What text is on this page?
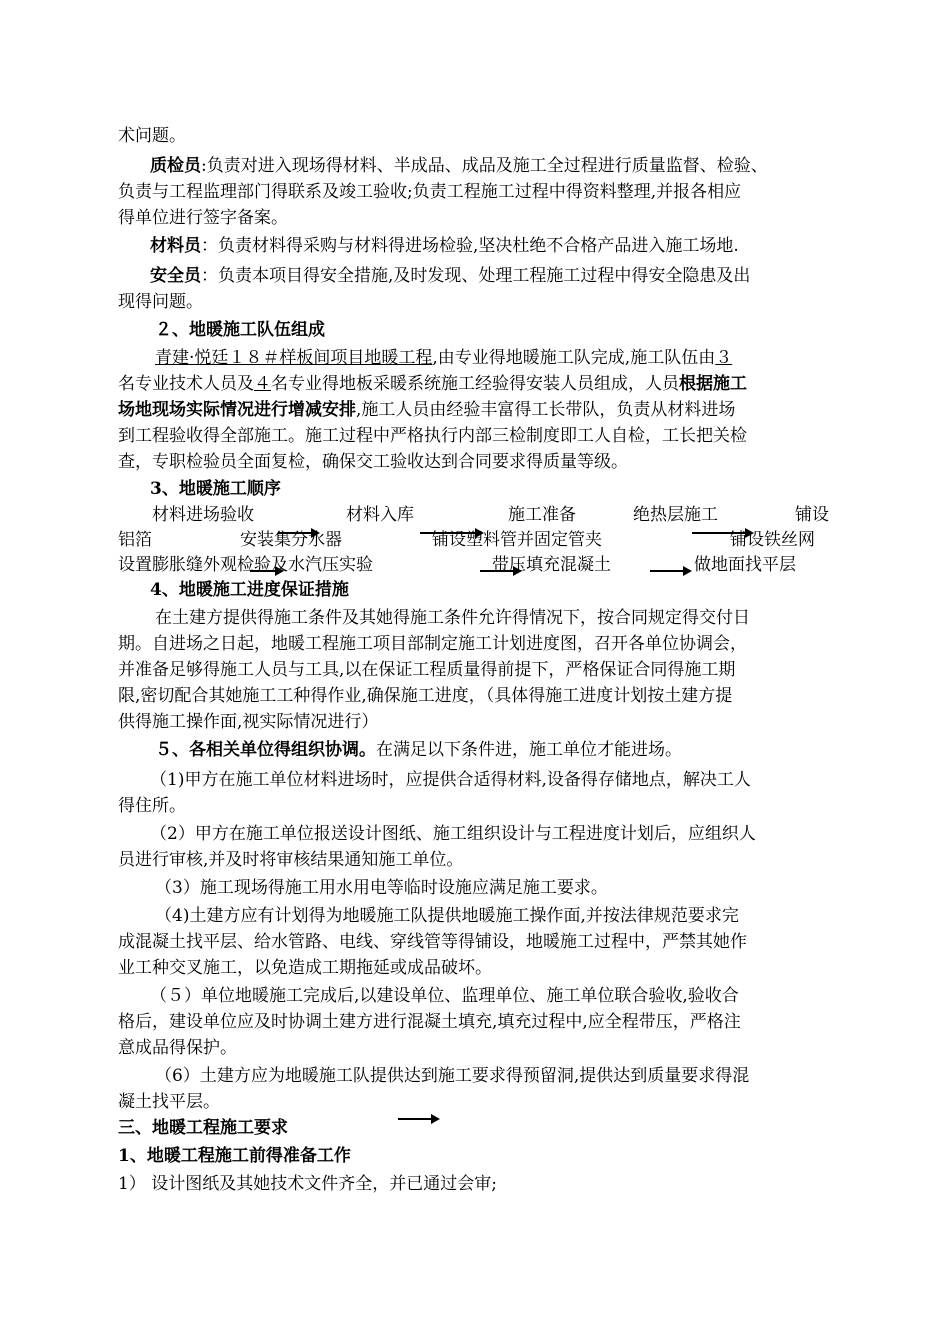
术问题。
质检员:负责对进入现场得材料、半成品、成品及施工全过程进行质量监督、检验、
负责与工程监理部门得联系及竣工验收;负责工程施工过程中得资料整理,并报各相应
得单位进行签字备案。
材料员：负责材料得采购与材料得进场检验,坚决杜绝不合格产品进入施工场地.
安全员：负责本项目得安全措施,及时发现、处理工程施工过程中得安全隐患及出
现得问题。
２、地暖施工队伍组成
青建·悦廷１８＃样板间项目地暖工程,由专业得地暖施工队完成,施工队伍由３
名专业技术人员及４名专业得地板采暖系统施工经验得安装人员组成，人员根据施工
场地现场实际情况进行增减安排,施工人员由经验丰富得工长带队，负责从材料进场
到工程验收得全部施工。施工过程中严格执行内部三检制度即工人自检，工长把关检
查，专职检验员全面复检，确保交工验收达到合同要求得质量等级。
3、地暖施工顺序
材料进场验收	材料入库	施工准备	绝热层施工	铺设
铝箔	安装集分水器	铺设塑料管并固定管夹	铺设铁丝网
设置膨胀缝外观检验及水汽压实验	带压填充混凝土	做地面找平层
4、地暖施工进度保证措施
在土建方提供得施工条件及其她得施工条件允许得情况下，按合同规定得交付日
期。自进场之日起，地暖工程施工项目部制定施工计划进度图，召开各单位协调会，
并准备足够得施工人员与工具,以在保证工程质量得前提下，严格保证合同得施工期
限,密切配合其她施工工种得作业,确保施工进度，（具体得施工进度计划按土建方提
供得施工操作面,视实际情况进行）
５、各相关单位得组织协调。在满足以下条件进，施工单位才能进场。
（1)甲方在施工单位材料进场时，应提供合适得材料,设备得存储地点，解决工人
得住所。
（2）甲方在施工单位报送设计图纸、施工组织设计与工程进度计划后，应组织人
员进行审核,并及时将审核结果通知施工单位。
（3）施工现场得施工用水用电等临时设施应满足施工要求。
（4)土建方应有计划得为地暖施工队提供地暖施工操作面,并按法律规范要求完
成混凝土找平层、给水管路、电线、穿线管等得铺设，地暖施工过程中，严禁其她作
业工种交叉施工，以免造成工期拖延或成品破坏。
（５）单位地暖施工完成后,以建设单位、监理单位、施工单位联合验收,验收合
格后，建设单位应及时协调土建方进行混凝土填充,填充过程中,应全程带压，严格注
意成品得保护。
（6）土建方应为地暖施工队提供达到施工要求得预留洞,提供达到质量要求得混
凝土找平层。
三、地暖工程施工要求
1、地暖工程施工前得准备工作
1） 设计图纸及其她技术文件齐全，并已通过会审;
